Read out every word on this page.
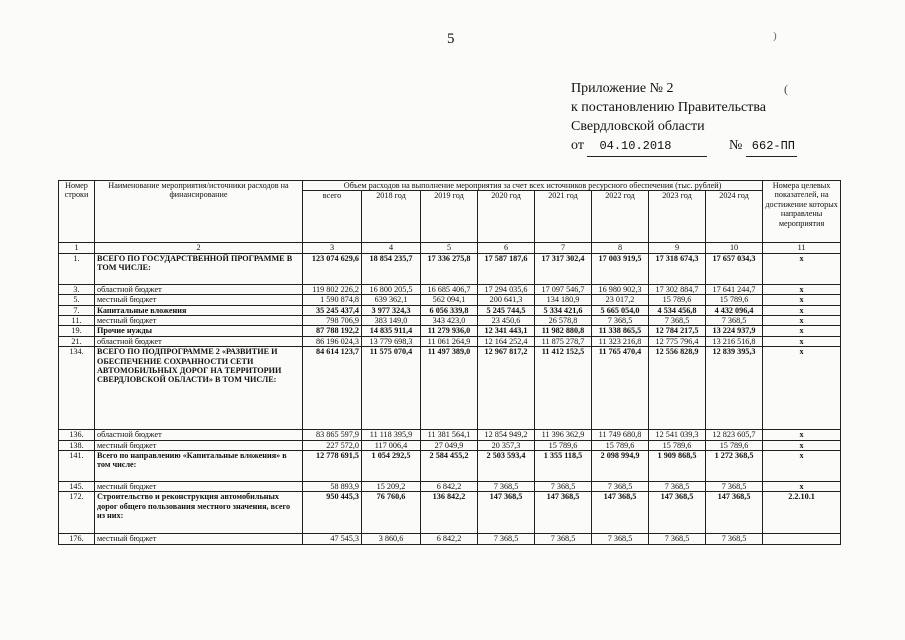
5	)
Приложение № 2
к постановлению Правительства
Свердловской области
от 04.10.2018	№ 662-ПП
(
Номер строки	Наименование мероприятия/источники расходов на финансирование	Объем расходов на выполнение мероприятия за счет всех источников ресурсного обеспечения (тыс. рублей)								Номера целевых показателей, на достижение которых направлены мероприятия
		всего	2018 год	2019 год	2020 год	2021 год	2022 год	2023 год	2024 год	
1	2	3	4	5	6	7	8	9	10	11
1.	ВСЕГО ПО ГОСУДАРСТВЕННОЙ ПРОГРАММЕ В ТОМ ЧИСЛЕ:	123 074 629,6	18 854 235,7	17 336 275,8	17 587 187,6	17 317 302,4	17 003 919,5	17 318 674,3	17 657 034,3	x
3.	областной бюджет	119 802 226,2	16 800 205,5	16 685 406,7	17 294 035,6	17 097 546,7	16 980 902,3	17 302 884,7	17 641 244,7	x
5.	местный бюджет	1 590 874,8	639 362,1	562 094,1	200 641,3	134 180,9	23 017,2	15 789,6	15 789,6	x
7.	Капитальные вложения	35 245 437,4	3 977 324,3	6 056 339,8	5 245 744,5	5 334 421,6	5 665 054,0	4 534 456,8	4 432 096,4	x
11.	местный бюджет	798 706,9	383 149,0	343 423,0	23 450,6	26 578,8	7 368,5	7 368,5	7 368,5	x
19.	Прочие нужды	87 788 192,2	14 835 911,4	11 279 936,0	12 341 443,1	11 982 880,8	11 338 865,5	12 784 217,5	13 224 937,9	x
21.	областной бюджет	86 196 024,3	13 779 698,3	11 061 264,9	12 164 252,4	11 875 278,7	11 323 216,8	12 775 796,4	13 216 516,8	x
134.	ВСЕГО ПО ПОДПРОГРАММЕ 2 «РАЗВИТИЕ И ОБЕСПЕЧЕНИЕ СОХРАННОСТИ СЕТИ АВТОМОБИЛЬНЫХ ДОРОГ НА ТЕРРИТОРИИ СВЕРДЛОВСКОЙ ОБЛАСТИ» В ТОМ ЧИСЛЕ:	84 614 123,7	11 575 070,4	11 497 389,0	12 967 817,2	11 412 152,5	11 765 470,4	12 556 828,9	12 839 395,3	x
136.	областной бюджет	83 865 597,9	11 118 395,9	11 381 564,1	12 854 949,2	11 396 362,9	11 749 680,8	12 541 039,3	12 823 605,7	x
138.	местный бюджет	227 572,0	117 006,4	27 049,9	20 357,3	15 789,6	15 789,6	15 789,6	15 789,6	x
141.	Всего по направлению «Капитальные вложения» в том числе:	12 778 691,5	1 054 292,5	2 584 455,2	2 503 593,4	1 355 118,5	2 098 994,9	1 909 868,5	1 272 368,5	x
145.	местный бюджет	58 893,9	15 209,2	6 842,2	7 368,5	7 368,5	7 368,5	7 368,5	7 368,5	x
172.	Строительство и реконструкция автомобильных дорог общего пользования местного значения, всего из них:	950 445,3	76 760,6	136 842,2	147 368,5	147 368,5	147 368,5	147 368,5	147 368,5	2.2.10.1
176.	местный бюджет	47 545,3	3 860,6	6 842,2	7 368,5	7 368,5	7 368,5	7 368,5	7 368,5	
